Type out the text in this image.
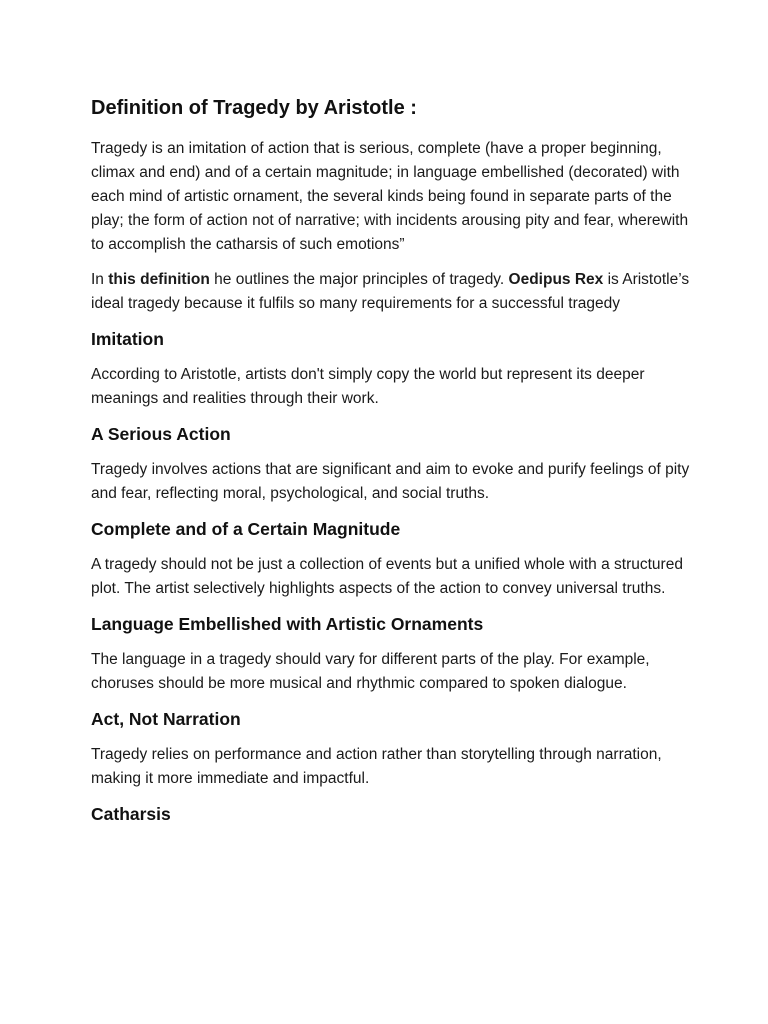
Definition of Tragedy by Aristotle :

Tragedy is an imitation of action that is serious, complete (have a proper beginning, climax and end) and of a certain magnitude; in language embellished (decorated) with each mind of artistic ornament, the several kinds being found in separate parts of the play; the form of action not of narrative; with incidents arousing pity and fear, wherewith to accomplish the catharsis of such emotions”

In this definition he outlines the major principles of tragedy. Oedipus Rex is Aristotle’s ideal tragedy because it fulfils so many requirements for a successful tragedy

Imitation

According to Aristotle, artists don't simply copy the world but represent its deeper meanings and realities through their work.

A Serious Action

Tragedy involves actions that are significant and aim to evoke and purify feelings of pity and fear, reflecting moral, psychological, and social truths.

Complete and of a Certain Magnitude

A tragedy should not be just a collection of events but a unified whole with a structured plot. The artist selectively highlights aspects of the action to convey universal truths.

Language Embellished with Artistic Ornaments

The language in a tragedy should vary for different parts of the play. For example, choruses should be more musical and rhythmic compared to spoken dialogue.

Act, Not Narration

Tragedy relies on performance and action rather than storytelling through narration, making it more immediate and impactful.

Catharsis
